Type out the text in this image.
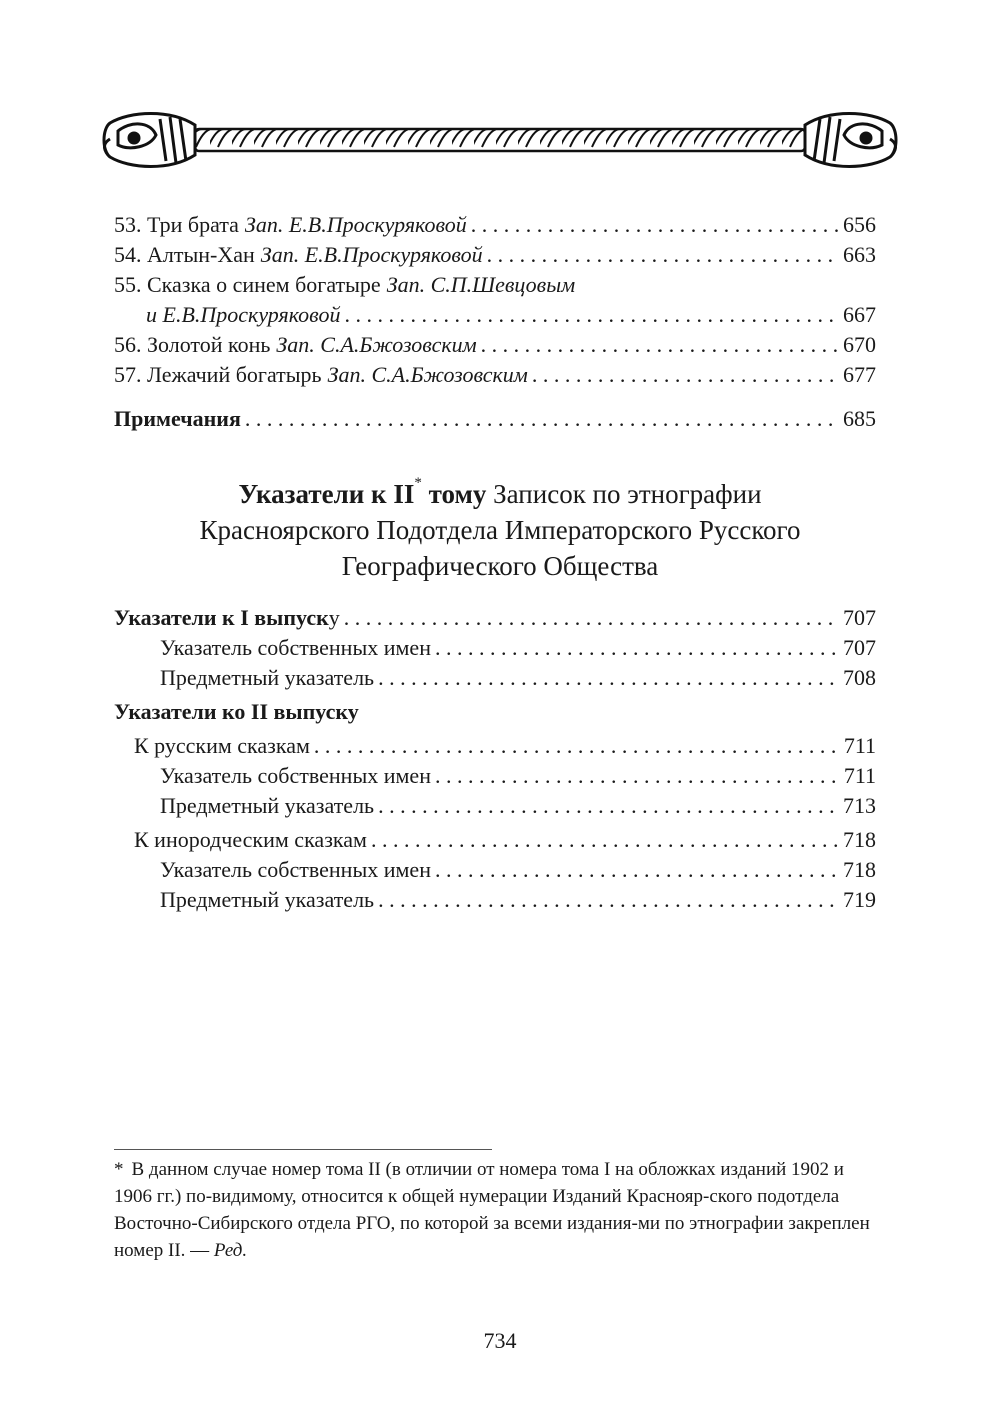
53. Три брата Зап. Е.В.Проскуряковой . . .	656
54. Алтын-Хан Зап. Е.В.Проскуряковой . . .	663
55. Сказка о синем богатыре Зап. С.П.Шевцовым
и Е.В.Проскуряковой . . .	667
56. Золотой конь Зап. С.А.Бжозовским . . .	670
57. Лежачий богатырь Зап. С.А.Бжозовским . . .	677
Примечания . . .	685
Указатели к II* тому Записок по этнографии
Красноярского Подотдела Императорского Русского
Географического Общества
Указатели к I выпуску . . .	707
Указатель собственных имен . . .	707
Предметный указатель . . .	708
Указатели ко II выпуску
К русским сказкам . . .	711
Указатель собственных имен . . .	711
Предметный указатель . . .	713
К инородческим сказкам . . .	718
Указатель собственных имен . . .	718
Предметный указатель . . .	719
* В данном случае номер тома II (в отличии от номера тома I на обложках изданий 1902 и 1906 гг.) по-видимому, относится к общей нумерации Изданий Краснояр-ского подотдела Восточно-Сибирского отдела РГО, по которой за всеми издания-ми по этнографии закреплен номер II. — Ред.
734
